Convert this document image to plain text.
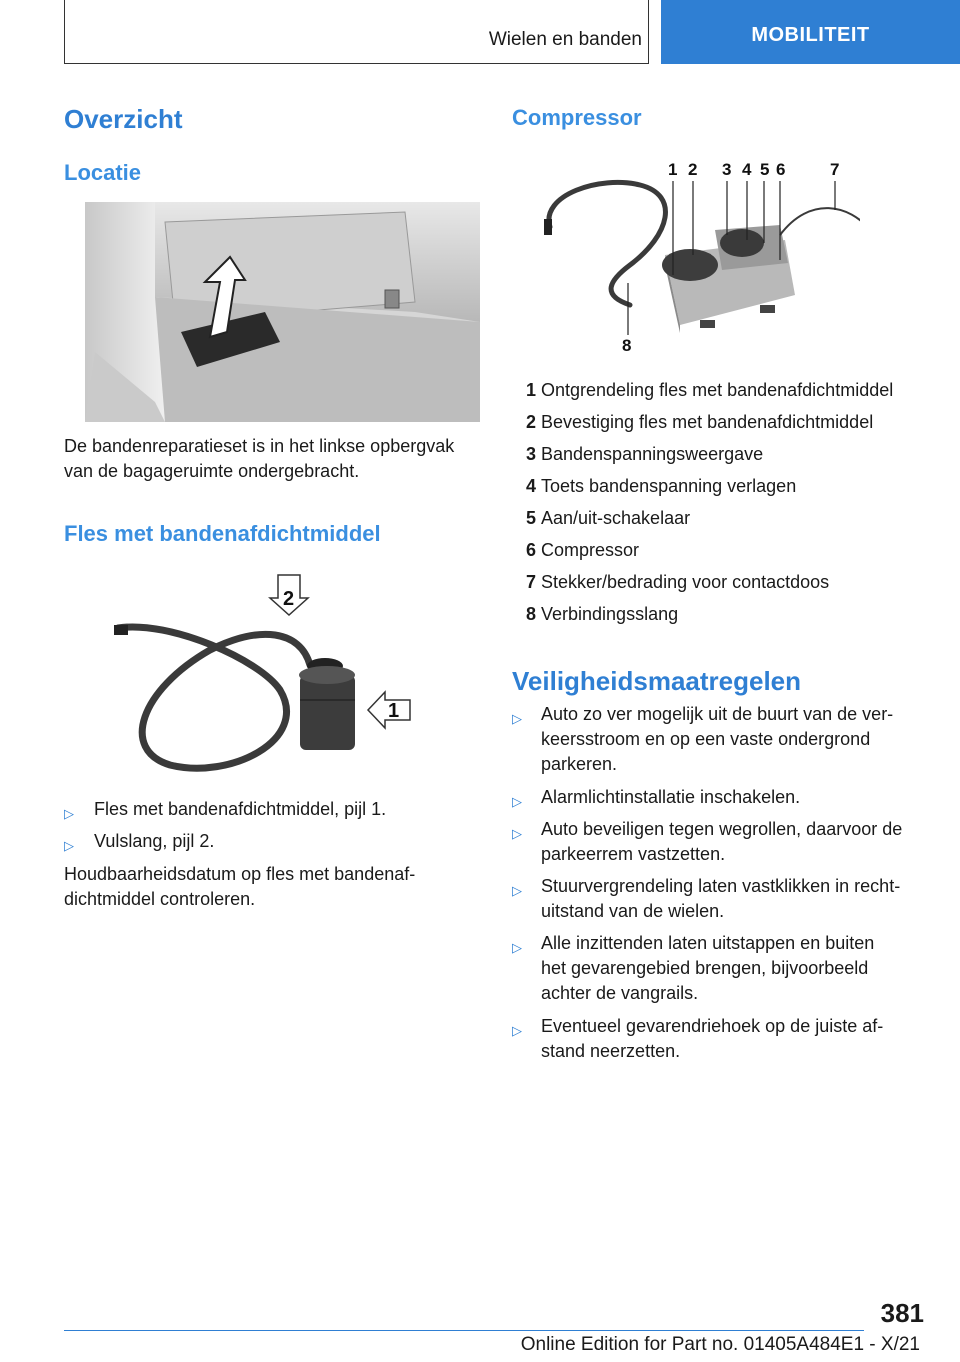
Wielen en banden	MOBILITEIT
Overzicht
Locatie
De bandenreparatieset is in het linkse opbergvak
van de bagageruimte ondergebracht.
Fles met bandenafdichtmiddel
2
1
▷ Fles met bandenafdichtmiddel, pijl 1.
▷ Vulslang, pijl 2.
Houdbaarheidsdatum op fles met bandenaf-
dichtmiddel controleren.
Compressor
1 2 3 4 5 6	7
8
1 Ontgrendeling fles met bandenafdichtmiddel
2 Bevestiging fles met bandenafdichtmiddel
3 Bandenspanningsweergave
4 Toets bandenspanning verlagen
5 Aan/uit-schakelaar
6 Compressor
7 Stekker/bedrading voor contactdoos
8 Verbindingsslang
Veiligheidsmaatregelen
▷ Auto zo ver mogelijk uit de buurt van de ver-
keersstroom en op een vaste ondergrond
parkeren.
▷ Alarmlichtinstallatie inschakelen.
▷ Auto beveiligen tegen wegrollen, daarvoor de
parkeerrem vastzetten.
▷ Stuurvergrendeling laten vastklikken in recht-
uitstand van de wielen.
▷ Alle inzittenden laten uitstappen en buiten
het gevarengebied brengen, bijvoorbeeld
achter de vangrails.
▷ Eventueel gevarendriehoek op de juiste af-
stand neerzetten.
381
Online Edition for Part no. 01405A484E1 - X/21
